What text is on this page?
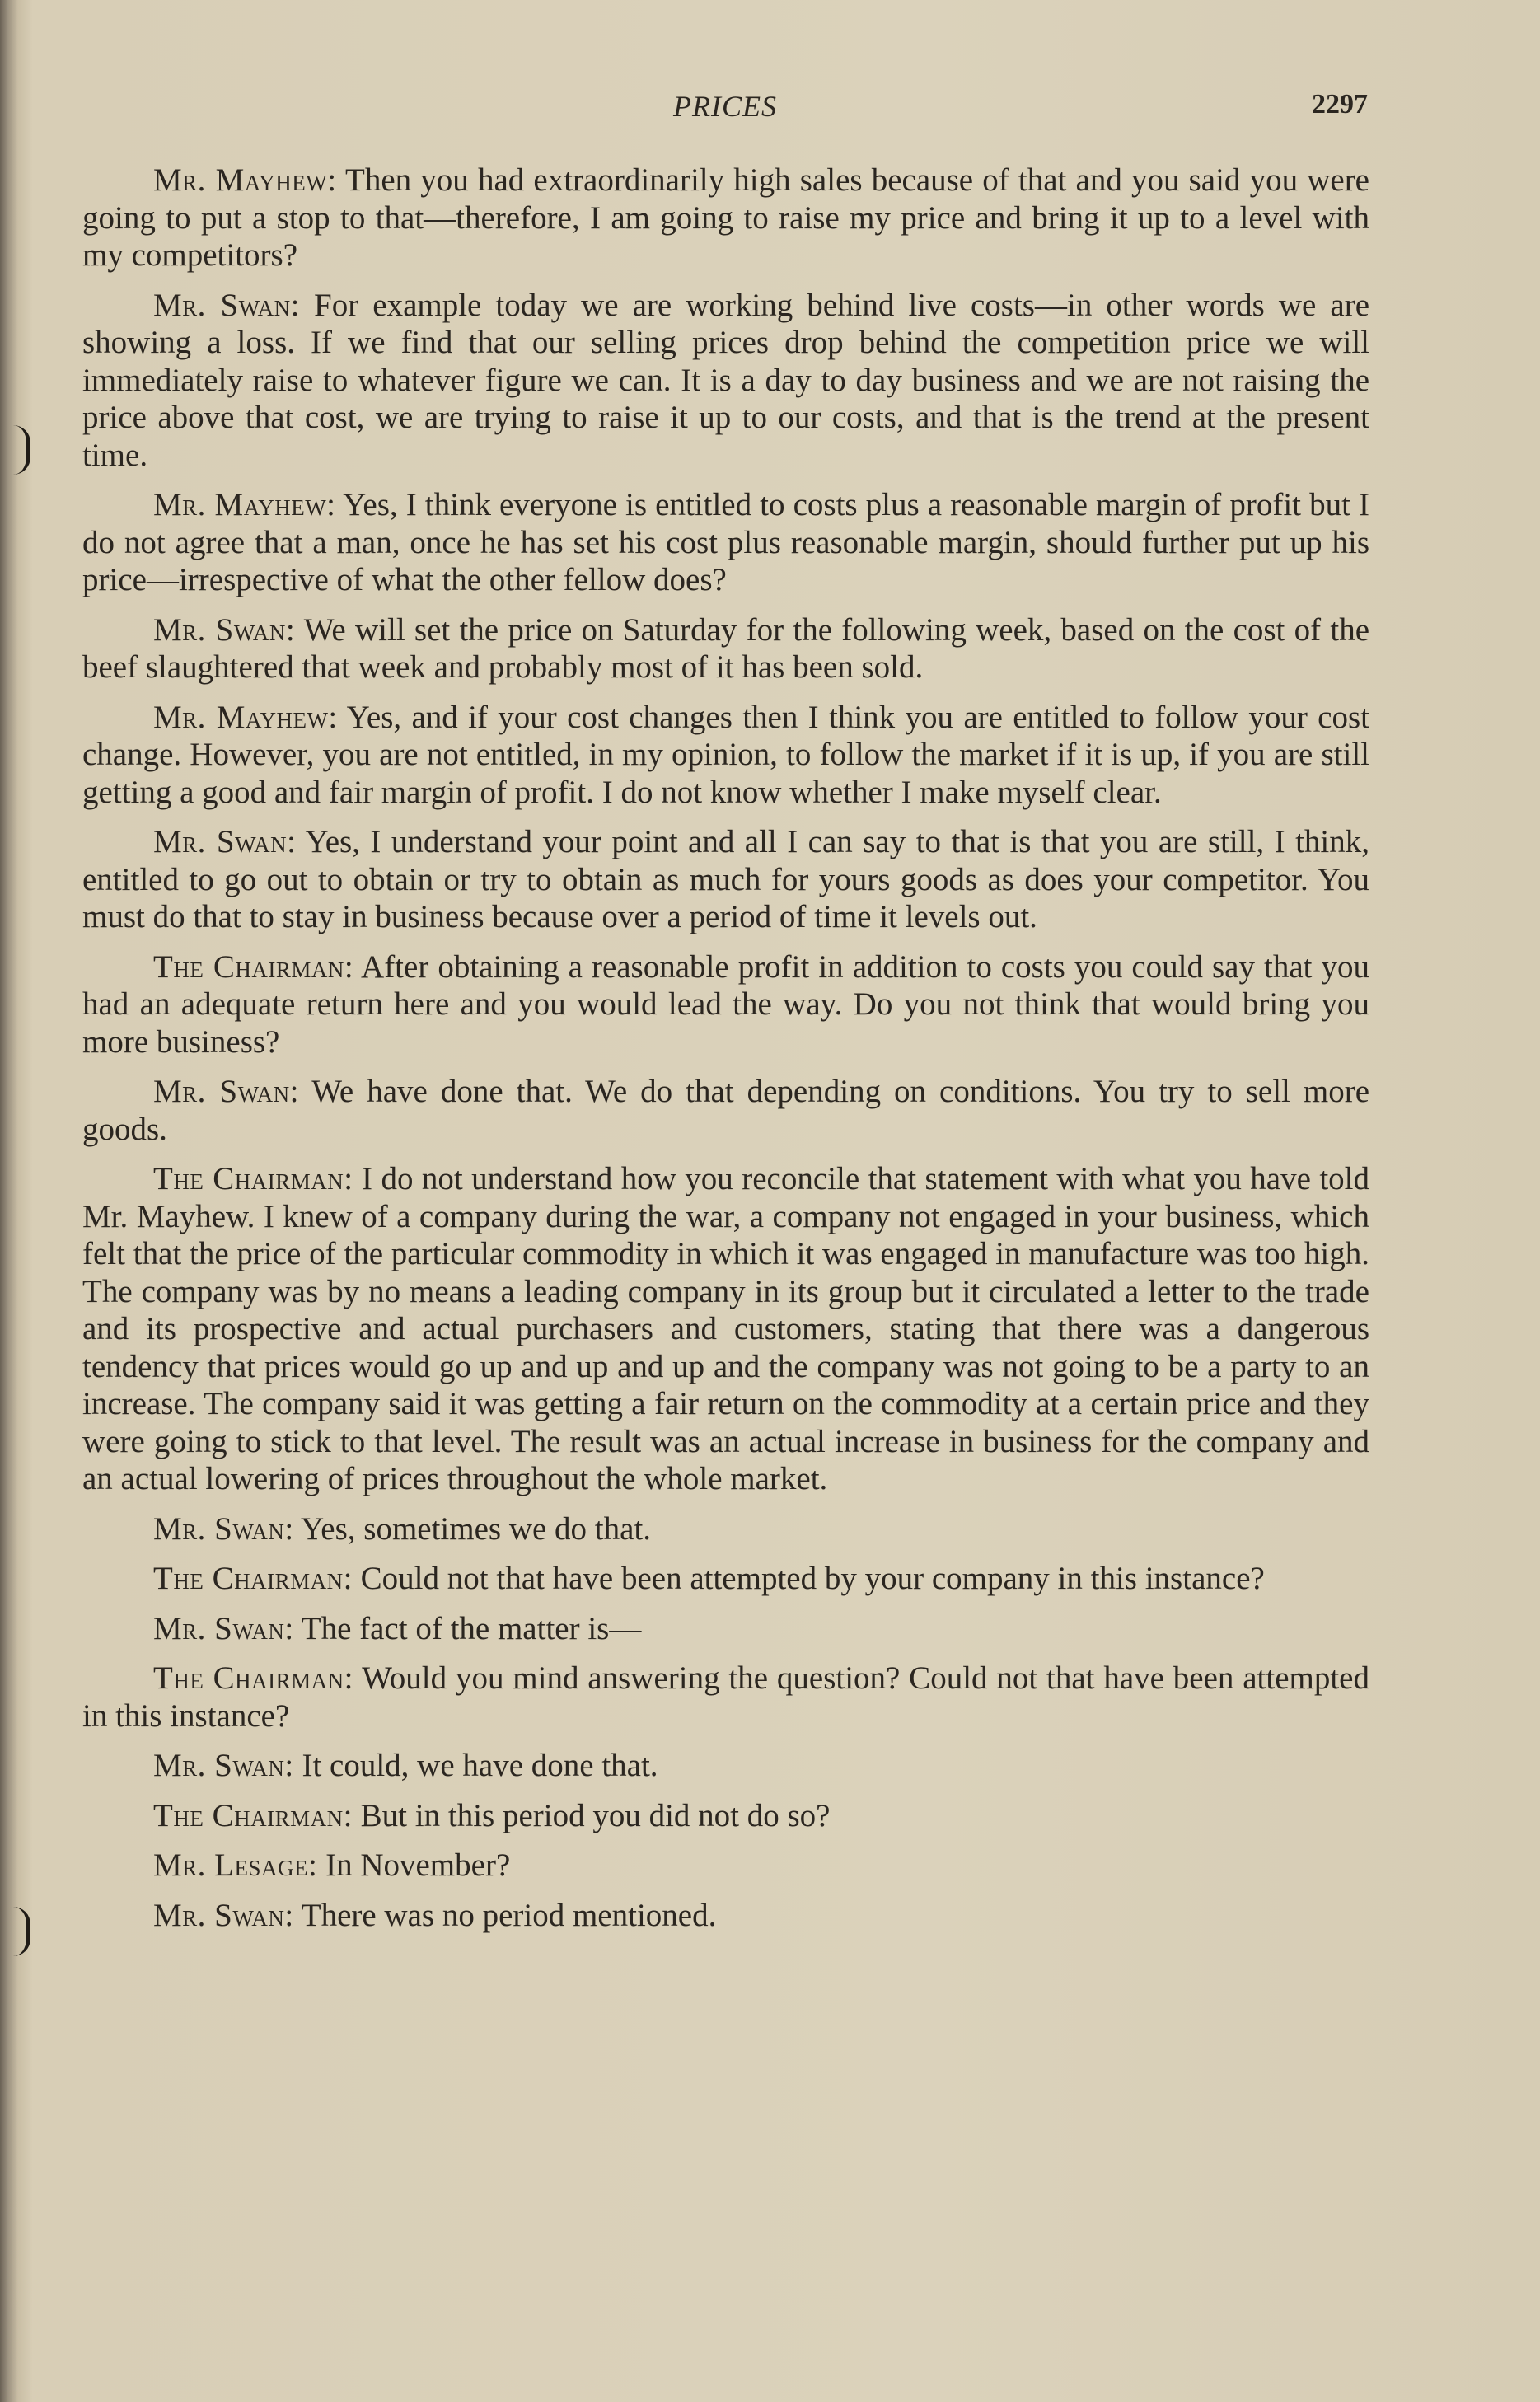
PRICES	2297

Mr. Mayhew: Then you had extraordinarily high sales because of that and you said you were going to put a stop to that—therefore, I am going to raise my price and bring it up to a level with my competitors?

Mr. Swan: For example today we are working behind live costs—in other words we are showing a loss. If we find that our selling prices drop behind the competition price we will immediately raise to whatever figure we can. It is a day to day business and we are not raising the price above that cost, we are trying to raise it up to our costs, and that is the trend at the present time.

Mr. Mayhew: Yes, I think everyone is entitled to costs plus a reasonable margin of profit but I do not agree that a man, once he has set his cost plus reasonable margin, should further put up his price—irrespective of what the other fellow does?

Mr. Swan: We will set the price on Saturday for the following week, based on the cost of the beef slaughtered that week and probably most of it has been sold.

Mr. Mayhew: Yes, and if your cost changes then I think you are entitled to follow your cost change. However, you are not entitled, in my opinion, to follow the market if it is up, if you are still getting a good and fair margin of profit. I do not know whether I make myself clear.

Mr. Swan: Yes, I understand your point and all I can say to that is that you are still, I think, entitled to go out to obtain or try to obtain as much for yours goods as does your competitor. You must do that to stay in business because over a period of time it levels out.

The Chairman: After obtaining a reasonable profit in addition to costs you could say that you had an adequate return here and you would lead the way. Do you not think that would bring you more business?

Mr. Swan: We have done that. We do that depending on conditions. You try to sell more goods.

The Chairman: I do not understand how you reconcile that statement with what you have told Mr. Mayhew. I knew of a company during the war, a company not engaged in your business, which felt that the price of the particular commodity in which it was engaged in manufacture was too high. The company was by no means a leading company in its group but it circulated a letter to the trade and its prospective and actual purchasers and customers, stating that there was a dangerous tendency that prices would go up and up and up and the company was not going to be a party to an increase. The company said it was getting a fair return on the commodity at a certain price and they were going to stick to that level. The result was an actual increase in business for the company and an actual lowering of prices throughout the whole market.

Mr. Swan: Yes, sometimes we do that.

The Chairman: Could not that have been attempted by your company in this instance?

Mr. Swan: The fact of the matter is—

The Chairman: Would you mind answering the question? Could not that have been attempted in this instance?

Mr. Swan: It could, we have done that.

The Chairman: But in this period you did not do so?

Mr. Lesage: In November?

Mr. Swan: There was no period mentioned.
